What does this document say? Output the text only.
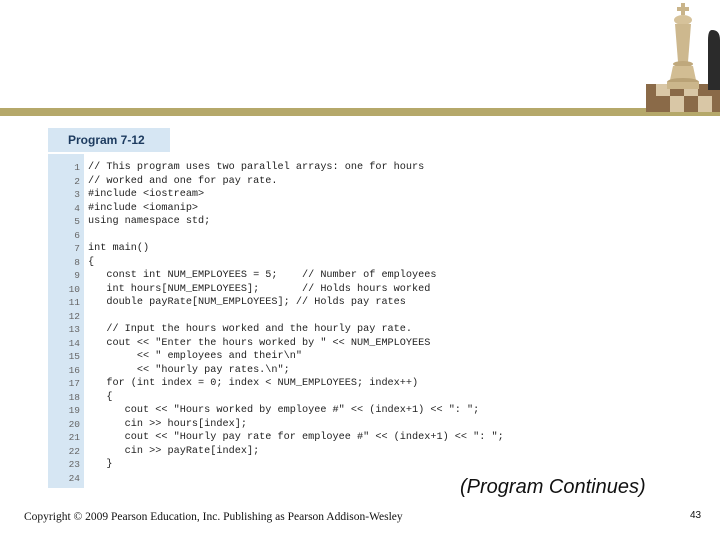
Program 7-12
1 // This program uses two parallel arrays: one for hours
2 // worked and one for pay rate.
3 #include <iostream>
4 #include <iomanip>
5 using namespace std;
6
7 int main()
8 {
9 const int NUM_EMPLOYEES = 5;    // Number of employees
10 int hours[NUM_EMPLOYEES];       // Holds hours worked
11 double payRate[NUM_EMPLOYEES]; // Holds pay rates
12
13 // Input the hours worked and the hourly pay rate.
14 cout << "Enter the hours worked by " << NUM_EMPLOYEES
15 << " employees and their\n"
16 << "hourly pay rates.\n";
17 for (int index = 0; index < NUM_EMPLOYEES; index++)
18 {
19 cout << "Hours worked by employee #" << (index+1) << ": ";
20 cin >> hours[index];
21 cout << "Hourly pay rate for employee #" << (index+1) << ": ";
22 cin >> payRate[index];
23 }
24	(Program Continues)
Copyright © 2009 Pearson Education, Inc. Publishing as Pearson Addison-Wesley	43
